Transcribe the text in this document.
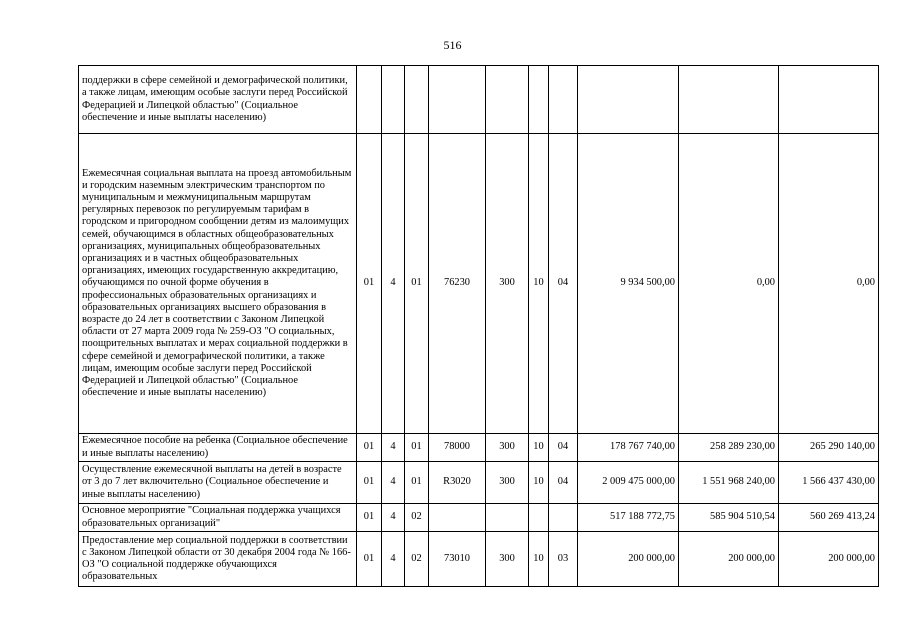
516
поддержки в сфере семейной и демографической политики, а также лицам, имеющим особые заслуги перед Российской Федерацией и Липецкой областью" (Социальное обеспечение и иные выплаты населению)										
Ежемесячная социальная выплата на проезд автомобильным и городским наземным электрическим транспортом по муниципальным и межмуниципальным маршрутам регулярных перевозок по регулируемым тарифам в городском и пригородном сообщении детям из малоимущих семей, обучающимся в областных общеобразовательных организациях, муниципальных общеобразовательных организациях и в частных общеобразовательных организациях, имеющих государственную аккредитацию, обучающимся по очной форме обучения в профессиональных образовательных организациях и образовательных организациях высшего образования в возрасте до 24 лет в соответствии с Законом Липецкой области от 27 марта 2009 года № 259-ОЗ "О социальных, поощрительных выплатах и мерах социальной поддержки в сфере семейной и демографической политики, а также лицам, имеющим особые заслуги перед Российской Федерацией и Липецкой областью" (Социальное обеспечение и иные выплаты населению)	01	4	01	76230	300	10	04	9 934 500,00	0,00	0,00
Ежемесячное пособие на ребенка (Социальное обеспечение и иные выплаты населению)	01	4	01	78000	300	10	04	178 767 740,00	258 289 230,00	265 290 140,00
Осуществление ежемесячной выплаты на детей в возрасте от 3 до 7 лет включительно (Социальное обеспечение и иные выплаты населению)	01	4	01	R3020	300	10	04	2 009 475 000,00	1 551 968 240,00	1 566 437 430,00
Основное мероприятие "Социальная поддержка учащихся образовательных организаций"	01	4	02					517 188 772,75	585 904 510,54	560 269 413,24
Предоставление мер социальной поддержки в соответствии с Законом Липецкой области от 30 декабря 2004 года № 166-ОЗ "О социальной поддержке обучающихся образовательных	01	4	02	73010	300	10	03	200 000,00	200 000,00	200 000,00
